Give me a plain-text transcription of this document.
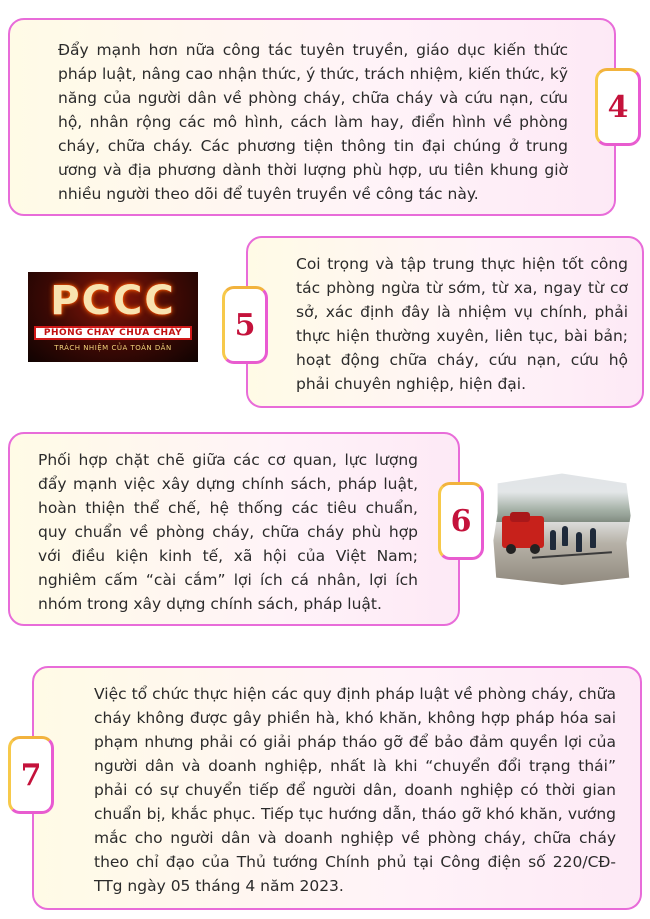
Đẩy mạnh hơn nữa công tác tuyên truyền, giáo dục kiến thức pháp luật, nâng cao nhận thức, ý thức, trách nhiệm, kiến thức, kỹ năng của người dân về phòng cháy, chữa cháy và cứu nạn, cứu hộ, nhân rộng các mô hình, cách làm hay, điển hình về phòng cháy, chữa cháy. Các phương tiện thông tin đại chúng ở trung ương và địa phương dành thời lượng phù hợp, ưu tiên khung giờ nhiều người theo dõi để tuyên truyền về công tác này.

4
PCCC
PHÒNG CHÁY CHỮA CHÁY
TRÁCH NHIỆM CỦA TOÀN DÂN

Coi trọng và tập trung thực hiện tốt công tác phòng ngừa từ sớm, từ xa, ngay từ cơ sở, xác định đây là nhiệm vụ chính, phải thực hiện thường xuyên, liên tục, bài bản; hoạt động chữa cháy, cứu nạn, cứu hộ phải chuyên nghiệp, hiện đại.

5

Phối hợp chặt chẽ giữa các cơ quan, lực lượng đẩy mạnh việc xây dựng chính sách, pháp luật, hoàn thiện thể chế, hệ thống các tiêu chuẩn, quy chuẩn về phòng cháy, chữa cháy phù hợp với điều kiện kinh tế, xã hội của Việt Nam; nghiêm cấm “cài cắm” lợi ích cá nhân, lợi ích nhóm trong xây dựng chính sách, pháp luật.

6

Việc tổ chức thực hiện các quy định pháp luật về phòng cháy, chữa cháy không được gây phiền hà, khó khăn, không hợp pháp hóa sai phạm nhưng phải có giải pháp tháo gỡ để bảo đảm quyền lợi của người dân và doanh nghiệp, nhất là khi “chuyển đổi trạng thái” phải có sự chuyển tiếp để người dân, doanh nghiệp có thời gian chuẩn bị, khắc phục. Tiếp tục hướng dẫn, tháo gỡ khó khăn, vướng mắc cho người dân và doanh nghiệp về phòng cháy, chữa cháy theo chỉ đạo của Thủ tướng Chính phủ tại Công điện số 220/CĐ-TTg ngày 05 tháng 4 năm 2023.

7
